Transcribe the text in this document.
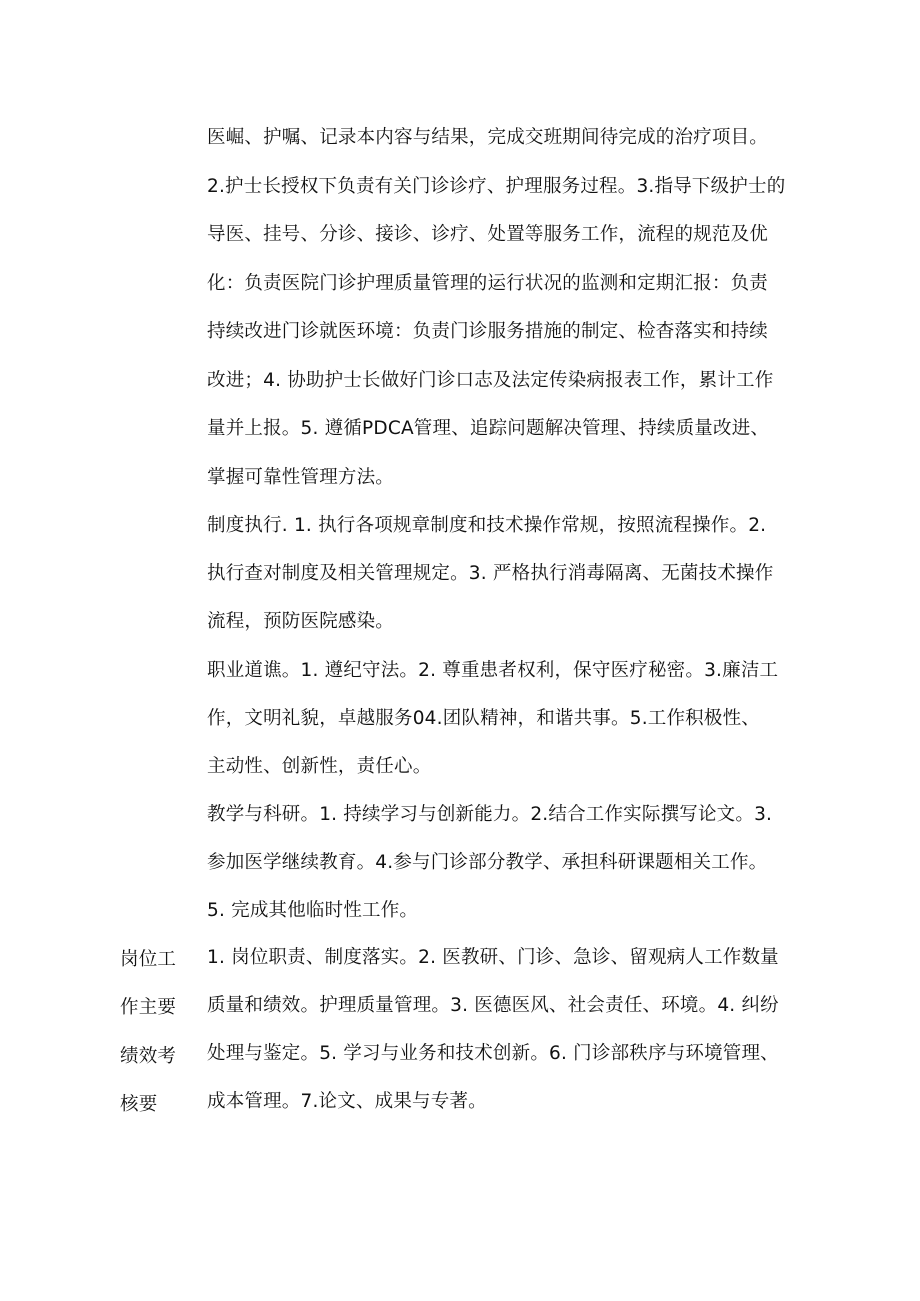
医崛、护嘱、记录本内容与结果，完成交班期间待完成的治疗项目。
2.护士长授权下负责有关门诊诊疗、护理服务过程。3.指导下级护士的
导医、挂号、分诊、接诊、诊疗、处置等服务工作，流程的规范及优
化：负责医院门诊护理质量管理的运行状况的监测和定期汇报：负责
持续改进门诊就医环境：负责门诊服务措施的制定、检杳落实和持续
改进；4. 协助护士长做好门诊口志及法定传染病报表工作，累计工作
量并上报。5. 遵循PDCA管理、追踪问题解决管理、持续质量改进、
掌握可靠性管理方法。
制度执行. 1. 执行各项规章制度和技术操作常规，按照流程操作。2.
执行查对制度及相关管理规定。3. 严格执行消毒隔离、无菌技术操作
流程，预防医院感染。
职业道谯。1. 遵纪守法。2. 尊重患者权利，保守医疗秘密。3.廉洁工
作，文明礼貌，卓越服务04.团队精神，和谐共事。5.工作积极性、
主动性、创新性，责任心。
教学与科研。1. 持续学习与创新能力。2.结合工作实际撰写论文。3.
参加医学继续教育。4.参与门诊部分教学、承担科研课题相关工作。
5. 完成其他临时性工作。
岗位工
作主要
绩效考
核要
1. 岗位职责、制度落实。2. 医教研、门诊、急诊、留观病人工作数量
质量和绩效。护理质量管理。3. 医德医风、社会责任、环境。4. 纠纷
处理与鉴定。5. 学习与业务和技术创新。6. 门诊部秩序与环境管理、
成本管理。7.论文、成果与专著。
